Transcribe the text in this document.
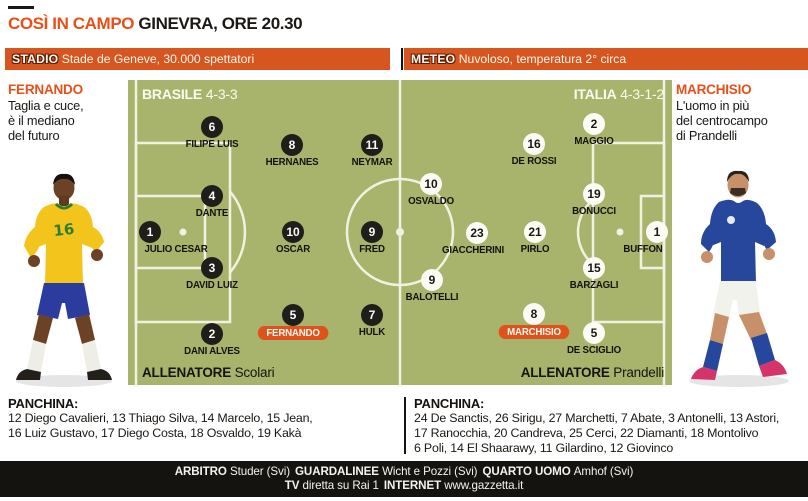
COSÌ IN CAMPO GINEVRA, ORE 20.30
STADIO Stade de Geneve, 30.000 spettatori	METEO Nuvoloso, temperatura 2° circa
FERNANDO
Taglia e cuce,
è il mediano
del futuro
MARCHISIO
L'uomo in più
del centrocampo
di Prandelli
BRASILE 4-3-3	ITALIA 4-3-1-2
1
JULIO CESAR
6
FILIPE LUIS
4
DANTE
3
DAVID LUIZ
2
DANI ALVES
8
HERNANES
10
OSCAR
5
FERNANDO
11
NEYMAR
9
FRED
7
HULK
10
OSVALDO
9
BALOTELLI
23
GIACCHERINI
16
DE ROSSI
21
PIRLO
8
MARCHISIO
2
MAGGIO
19
BONUCCI
15
BARZAGLI
5
DE SCIGLIO
1
BUFFON
ALLENATORE Scolari	ALLENATORE Prandelli
16
PANCHINA:
12 Diego Cavalieri, 13 Thiago Silva, 14 Marcelo, 15 Jean,
16 Luiz Gustavo, 17 Diego Costa, 18 Osvaldo, 19 Kakà
PANCHINA:
24 De Sanctis, 26 Sirigu, 27 Marchetti, 7 Abate, 3 Antonelli, 13 Astori,
17 Ranocchia, 20 Candreva, 25 Cerci, 22 Diamanti, 18 Montolivo
6 Poli, 14 El Shaarawy, 11 Gilardino, 12 Giovinco
ARBITRO Studer (Svi) GUARDALINEE Wicht e Pozzi (Svi) QUARTO UOMO Amhof (Svi)
TV diretta su Rai 1 INTERNET www.gazzetta.it
